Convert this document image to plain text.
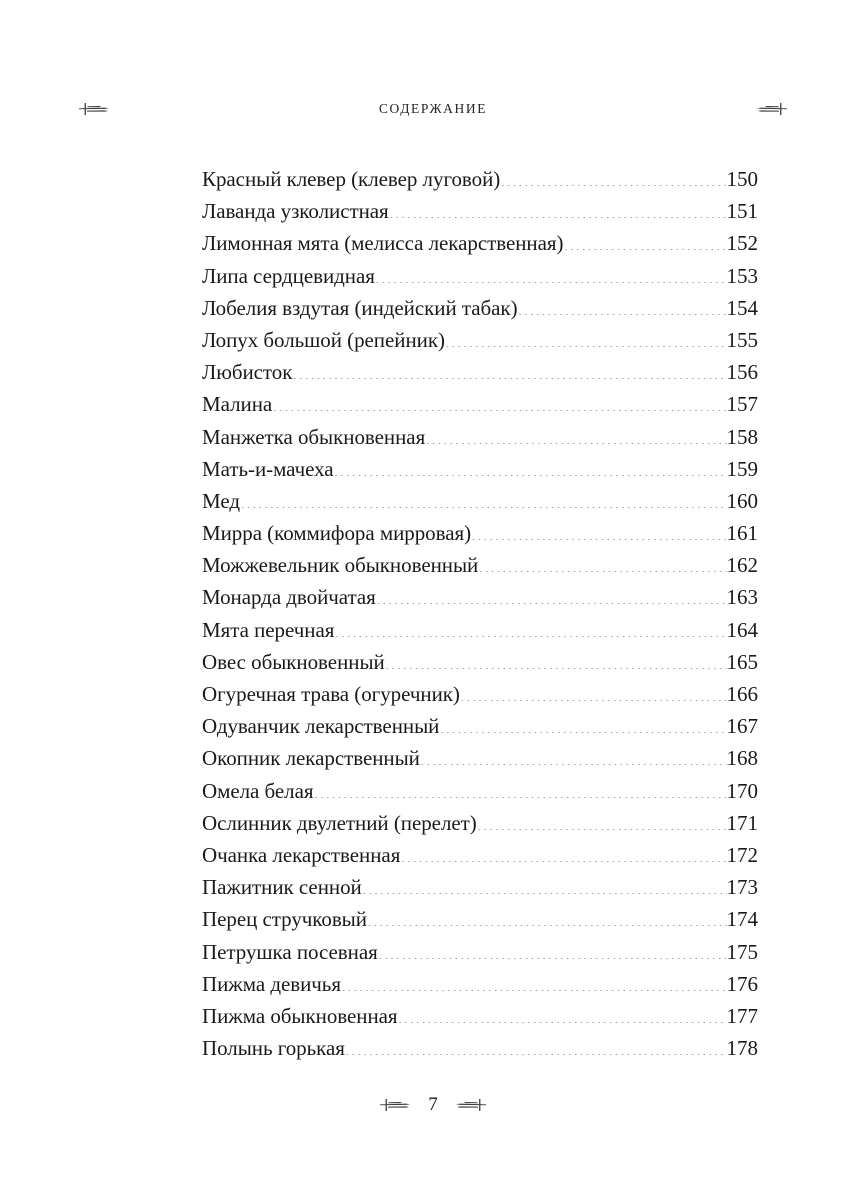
СОДЕРЖАНИЕ
Красный клевер (клевер луговой) .....	150
Лаванда узколистная .....	151
Лимонная мята (мелисса лекарственная) .....	152
Липа сердцевидная .....	153
Лобелия вздутая (индейский табак) .....	154
Лопух большой (репейник) .....	155
Любисток .....	156
Малина .....	157
Манжетка обыкновенная .....	158
Мать-и-мачеха .....	159
Мед .....	160
Мирра (коммифора мирровая) .....	161
Можжевельник обыкновенный .....	162
Монарда двойчатая .....	163
Мята перечная .....	164
Овес обыкновенный .....	165
Огуречная трава (огуречник) .....	166
Одуванчик лекарственный .....	167
Окопник лекарственный .....	168
Омела белая .....	170
Ослинник двулетний (перелет) .....	171
Очанка лекарственная .....	172
Пажитник сенной .....	173
Перец стручковый .....	174
Петрушка посевная .....	175
Пижма девичья .....	176
Пижма обыкновенная .....	177
Полынь горькая .....	178
7
